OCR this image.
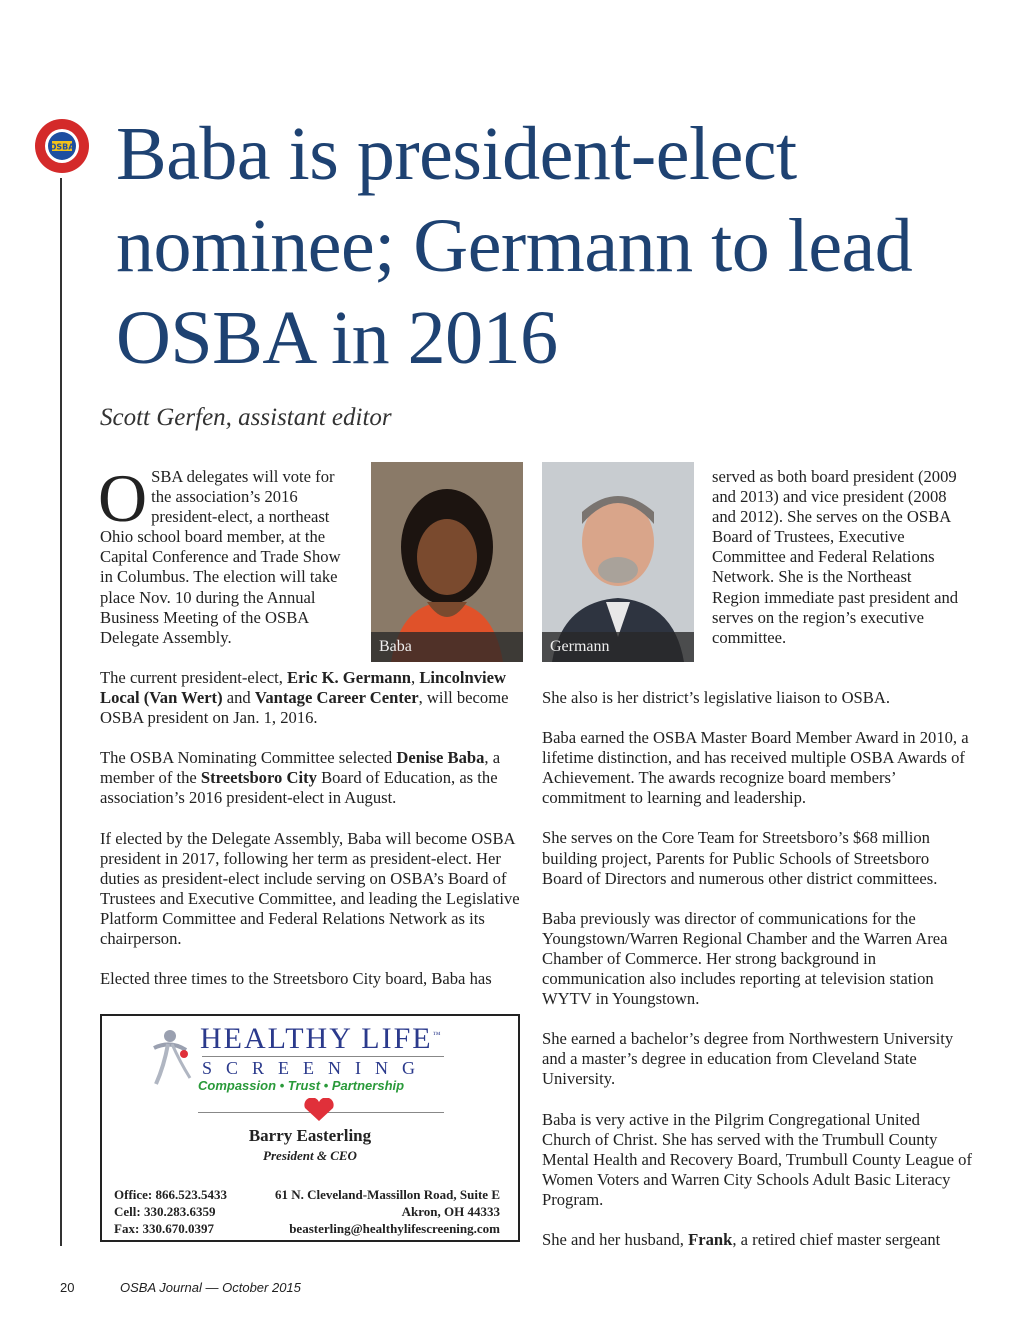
OSBA Baba is president-elect nominee; Germann to lead OSBA in 2016

Scott Gerfen, assistant editor

OSBA delegates will vote for the association’s 2016 president-elect, a northeast Ohio school board member, at the Capital Conference and Trade Show in Columbus. The election will take place Nov. 10 during the Annual Business Meeting of the OSBA Delegate Assembly.	Baba	Germann

The current president-elect, Eric K. Germann, Lincolnview Local (Van Wert) and Vantage Career Center, will become OSBA president on Jan. 1, 2016.

The OSBA Nominating Committee selected Denise Baba, a member of the Streetsboro City Board of Education, as the association’s 2016 president-elect in August.

If elected by the Delegate Assembly, Baba will become OSBA president in 2017, following her term as president-elect. Her duties as president-elect include serving on OSBA’s Board of Trustees and Executive Committee, and leading the Legislative Platform Committee and Federal Relations Network as its chairperson.

Elected three times to the Streetsboro City board, Baba has

served as both board president (2009 and 2013) and vice president (2008 and 2012). She serves on the OSBA Board of Trustees, Executive Committee and Federal Relations Network. She is the Northeast Region immediate past president and serves on the region’s executive committee.

She also is her district’s legislative liaison to OSBA.

Baba earned the OSBA Master Board Member Award in 2010, a lifetime distinction, and has received multiple OSBA Awards of Achievement. The awards recognize board members’ commitment to learning and leadership.

She serves on the Core Team for Streetsboro’s $68 million building project, Parents for Public Schools of Streetsboro Board of Directors and numerous other district committees.

Baba previously was director of communications for the Youngstown/Warren Regional Chamber and the Warren Area Chamber of Commerce. Her strong background in communication also includes reporting at television station WYTV in Youngstown.

She earned a bachelor’s degree from Northwestern University and a master’s degree in education from Cleveland State University.

Baba is very active in the Pilgrim Congregational United Church of Christ. She has served with the Trumbull County Mental Health and Recovery Board, Trumbull County League of Women Voters and Warren City Schools Adult Basic Literacy Program.

She and her husband, Frank, a retired chief master sergeant

HEALTHY LIFE™
SCREENING
Compassion • Trust • Partnership
Barry Easterling
President & CEO
Office: 866.523.5433
Cell: 330.283.6359
Fax: 330.670.0397
61 N. Cleveland-Massillon Road, Suite E
Akron, OH 44333
beasterling@healthylifescreening.com
20	OSBA Journal — October 2015
